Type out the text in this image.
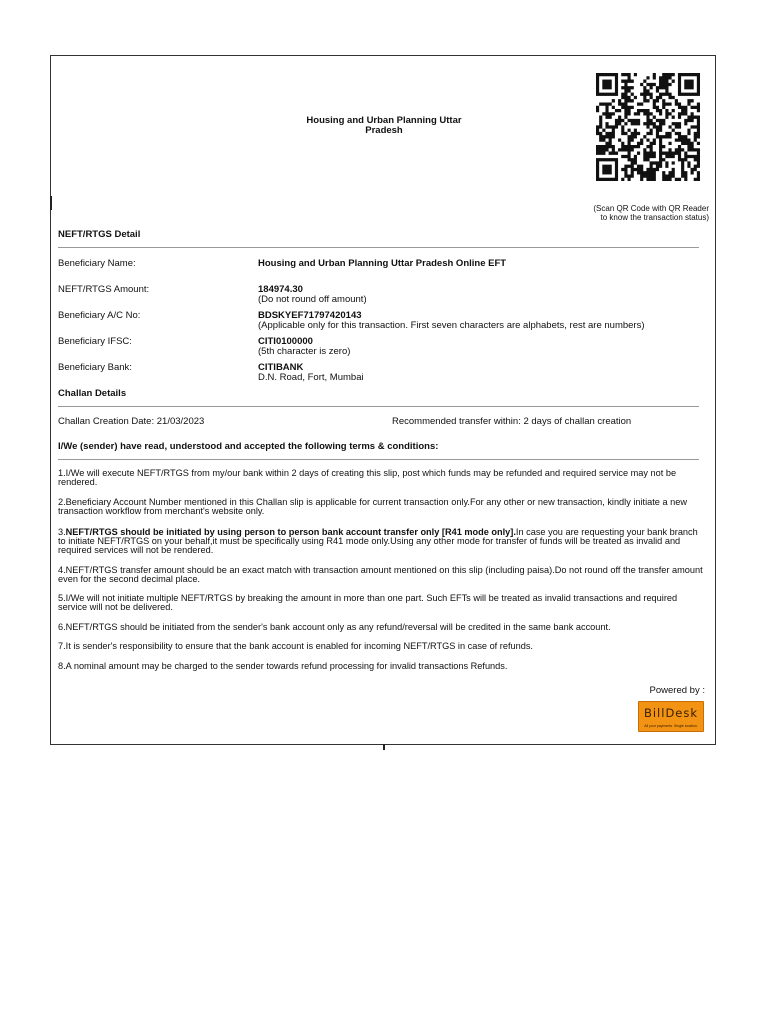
Housing and Urban Planning Uttar
Pradesh
(Scan QR Code with QR Reader
to know the transaction status)
NEFT/RTGS Detail
Beneficiary Name:	Housing and Urban Planning Uttar Pradesh Online EFT
NEFT/RTGS Amount:	184974.30
(Do not round off amount)
Beneficiary A/C No:	BDSKYEF71797420143
(Applicable only for this transaction. First seven characters are alphabets, rest are numbers)
Beneficiary IFSC:	CITI0100000
(5th character is zero)
Beneficiary Bank:	CITIBANK
D.N. Road, Fort, Mumbai
Challan Details
Challan Creation Date: 21/03/2023	Recommended transfer within: 2 days of challan creation
I/We (sender) have read, understood and accepted the following terms & conditions:
1.I/We will execute NEFT/RTGS from my/our bank within 2 days of creating this slip, post which funds may be refunded and required service may not be rendered.
2.Beneficiary Account Number mentioned in this Challan slip is applicable for current transaction only.For any other or new transaction, kindly initiate a new transaction workflow from merchant's website only.
3.NEFT/RTGS should be initiated by using person to person bank account transfer only [R41 mode only].In case you are requesting your bank branch to initiate NEFT/RTGS on your behalf,it must be specifically using R41 mode only.Using any other mode for transfer of funds will be treated as invalid and required services will not be rendered.
4.NEFT/RTGS transfer amount should be an exact match with transaction amount mentioned on this slip (including paisa).Do not round off the transfer amount even for the second decimal place.
5.I/We will not initiate multiple NEFT/RTGS by breaking the amount in more than one part. Such EFTs will be treated as invalid transactions and required service will not be delivered.
6.NEFT/RTGS should be initiated from the sender's bank account only as any refund/reversal will be credited in the same bank account.
7.It is sender's responsibility to ensure that the bank account is enabled for incoming NEFT/RTGS in case of refunds.
8.A nominal amount may be charged to the sender towards refund processing for invalid transactions Refunds.
Powered by :
BillDesk
All your payments. Single location.
